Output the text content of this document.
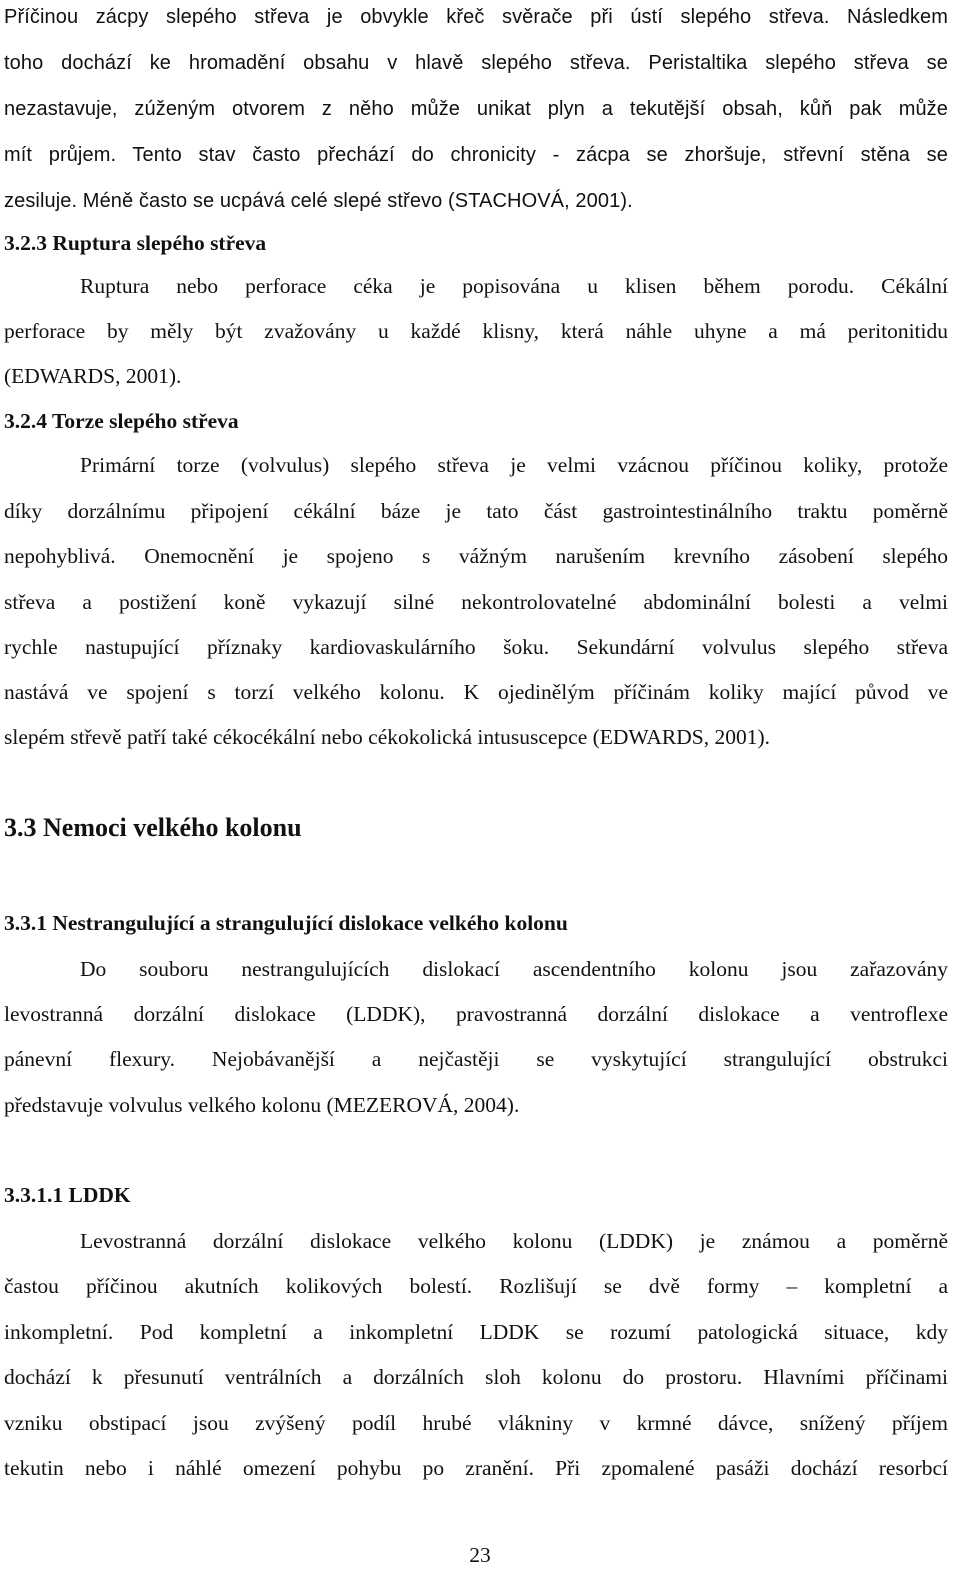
Příčinou zácpy slepého střeva je obvykle křeč svěrače při ústí slepého střeva. Následkem
toho dochází ke hromadění obsahu v hlavě slepého střeva. Peristaltika slepého střeva se
nezastavuje, zúženým otvorem z něho může unikat plyn a tekutější obsah, kůň pak může
mít průjem. Tento stav často přechází do chronicity - zácpa se zhoršuje, střevní stěna se
zesiluje. Méně často se ucpává celé slepé střevo (STACHOVÁ, 2001).
3.2.3 Ruptura slepého střeva
Ruptura nebo perforace céka je popisována u klisen během porodu. Cékální
perforace by měly být zvažovány u každé klisny, která náhle uhyne a má peritonitidu
(EDWARDS, 2001).
3.2.4 Torze slepého střeva
Primární torze (volvulus) slepého střeva je velmi vzácnou příčinou koliky, protože
díky dorzálnímu připojení cékální báze je tato část gastrointestinálního traktu poměrně
nepohyblivá. Onemocnění je spojeno s vážným narušením krevního zásobení slepého
střeva a postižení koně vykazují silné nekontrolovatelné abdominální bolesti a velmi
rychle nastupující příznaky kardiovaskulárního šoku. Sekundární volvulus slepého střeva
nastává ve spojení s torzí velkého kolonu. K ojedinělým příčinám koliky mající původ ve
slepém střevě patří také cékocékální nebo cékokolická intususcepce (EDWARDS, 2001).
3.3 Nemoci velkého kolonu
3.3.1 Nestrangulující a strangulující dislokace velkého kolonu
Do souboru nestrangulujících dislokací ascendentního kolonu jsou zařazovány
levostranná dorzální dislokace (LDDK), pravostranná dorzální dislokace a ventroflexe
pánevní flexury. Nejobávanější a nejčastěji se vyskytující strangulující obstrukci
představuje volvulus velkého kolonu (MEZEROVÁ, 2004).
3.3.1.1 LDDK
Levostranná dorzální dislokace velkého kolonu (LDDK) je známou a poměrně
častou příčinou akutních kolikových bolestí. Rozlišují se dvě formy – kompletní a
inkompletní. Pod kompletní a inkompletní LDDK se rozumí patologická situace, kdy
dochází k přesunutí ventrálních a dorzálních sloh kolonu do prostoru. Hlavními příčinami
vzniku obstipací jsou zvýšený podíl hrubé vlákniny v krmné dávce, snížený příjem
tekutin nebo i náhlé omezení pohybu po zranění. Při zpomalené pasáži dochází resorbcí
23
